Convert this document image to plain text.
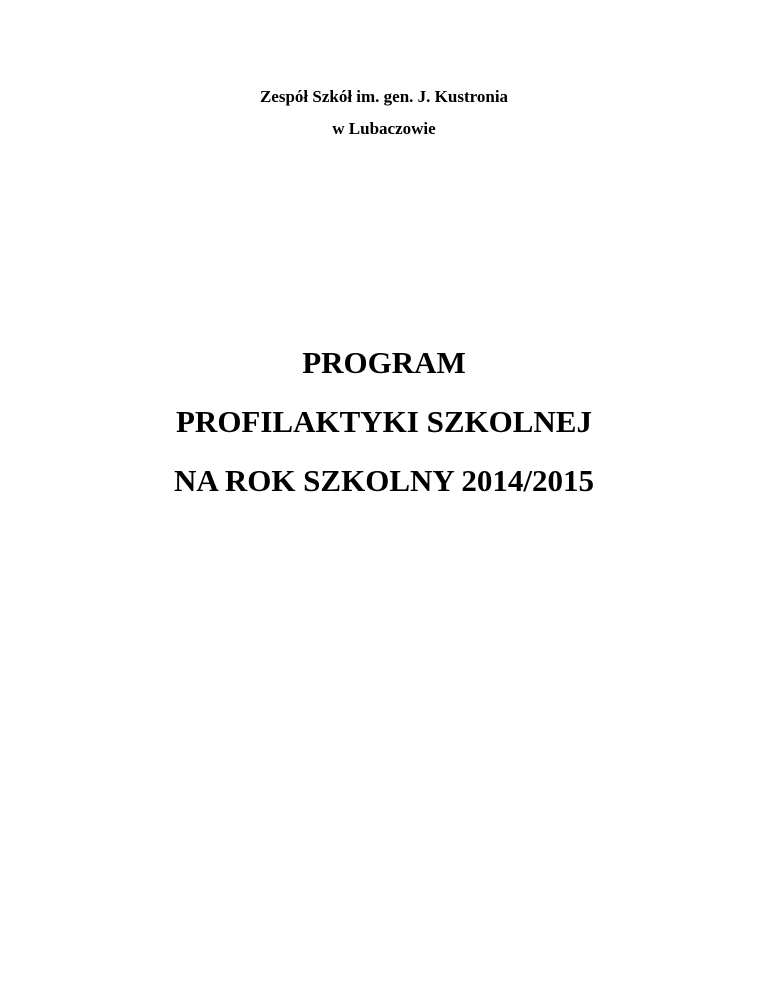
Zespół Szkół im. gen. J. Kustronia
w Lubaczowie
PROGRAM
PROFILAKTYKI SZKOLNEJ
NA ROK SZKOLNY 2014/2015
